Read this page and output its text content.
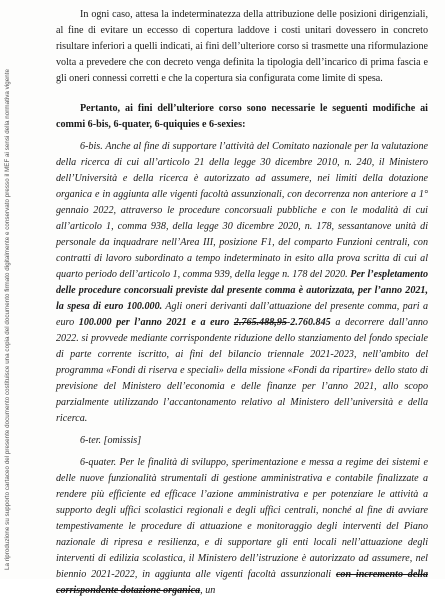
La riproduzione su supporto cartaceo del presente documento costituisce una copia del documento firmato digitalmente e conservato presso il MEF ai sensi della normativa vigente

In ogni caso, attesa la indeterminatezza della attribuzione delle posizioni dirigenziali, al fine di evitare un eccesso di copertura laddove i costi unitari dovessero in concreto risultare inferiori a quelli indicati, ai fini dell’ulteriore corso si trasmette una riformulazione volta a prevedere che con decreto venga definita la tipologia dell’incarico di prima fascia e gli oneri connessi corretti e che la copertura sia configurata come limite di spesa.

Pertanto, ai fini dell’ulteriore corso sono necessarie le seguenti modifiche ai commi 6-bis, 6-quater, 6-quiquies e 6-sexies:

6-bis. Anche al fine di supportare l’attività del Comitato nazionale per la valutazione della ricerca di cui all’articolo 21 della legge 30 dicembre 2010, n. 240, il Ministero dell’Università e della ricerca è autorizzato ad assumere, nei limiti della dotazione organica e in aggiunta alle vigenti facoltà assunzionali, con decorrenza non anteriore a 1° gennaio 2022, attraverso le procedure concorsuali pubbliche e con le modalità di cui all’articolo 1, comma 938, della legge 30 dicembre 2020, n. 178, sessantanove unità di personale da inquadrare nell’Area III, posizione F1, del comparto Funzioni centrali, con contratti di lavoro subordinato a tempo indeterminato in esito alla prova scritta di cui al quarto periodo dell’articolo 1, comma 939, della legge n. 178 del 2020. Per l’espletamento delle procedure concorsuali previste dal presente comma è autorizzata, per l’anno 2021, la spesa di euro 100.000. Agli oneri derivanti dall’attuazione del presente comma, pari a euro 100.000 per l’anno 2021 e a euro 2.765.488,95-2.760.845 a decorrere dall’anno 2022. si provvede mediante corrispondente riduzione dello stanziamento del fondo speciale di parte corrente iscritto, ai fini del bilancio triennale 2021-2023, nell’ambito del programma «Fondi di riserva e speciali» della missione «Fondi da ripartire» dello stato di previsione del Ministero dell’economia e delle finanze per l’anno 2021, allo scopo parzialmente utilizzando l’accantonamento relativo al Ministero dell’università e della ricerca.

6-ter. [omissis]

6-quater. Per le finalità di sviluppo, sperimentazione e messa a regime dei sistemi e delle nuove funzionalità strumentali di gestione amministrativa e contabile finalizzate a rendere più efficiente ed efficace l’azione amministrativa e per potenziare le attività a supporto degli uffici scolastici regionali e degli uffici centrali, nonché al fine di avviare tempestivamente le procedure di attuazione e monitoraggio degli interventi del Piano nazionale di ripresa e resilienza, e di supportare gli enti locali nell’attuazione degli interventi di edilizia scolastica, il Ministero dell’istruzione è autorizzato ad assumere, nel biennio 2021-2022, in aggiunta alle vigenti facoltà assunzionali con incremento della corrispondente dotazione organica, un
